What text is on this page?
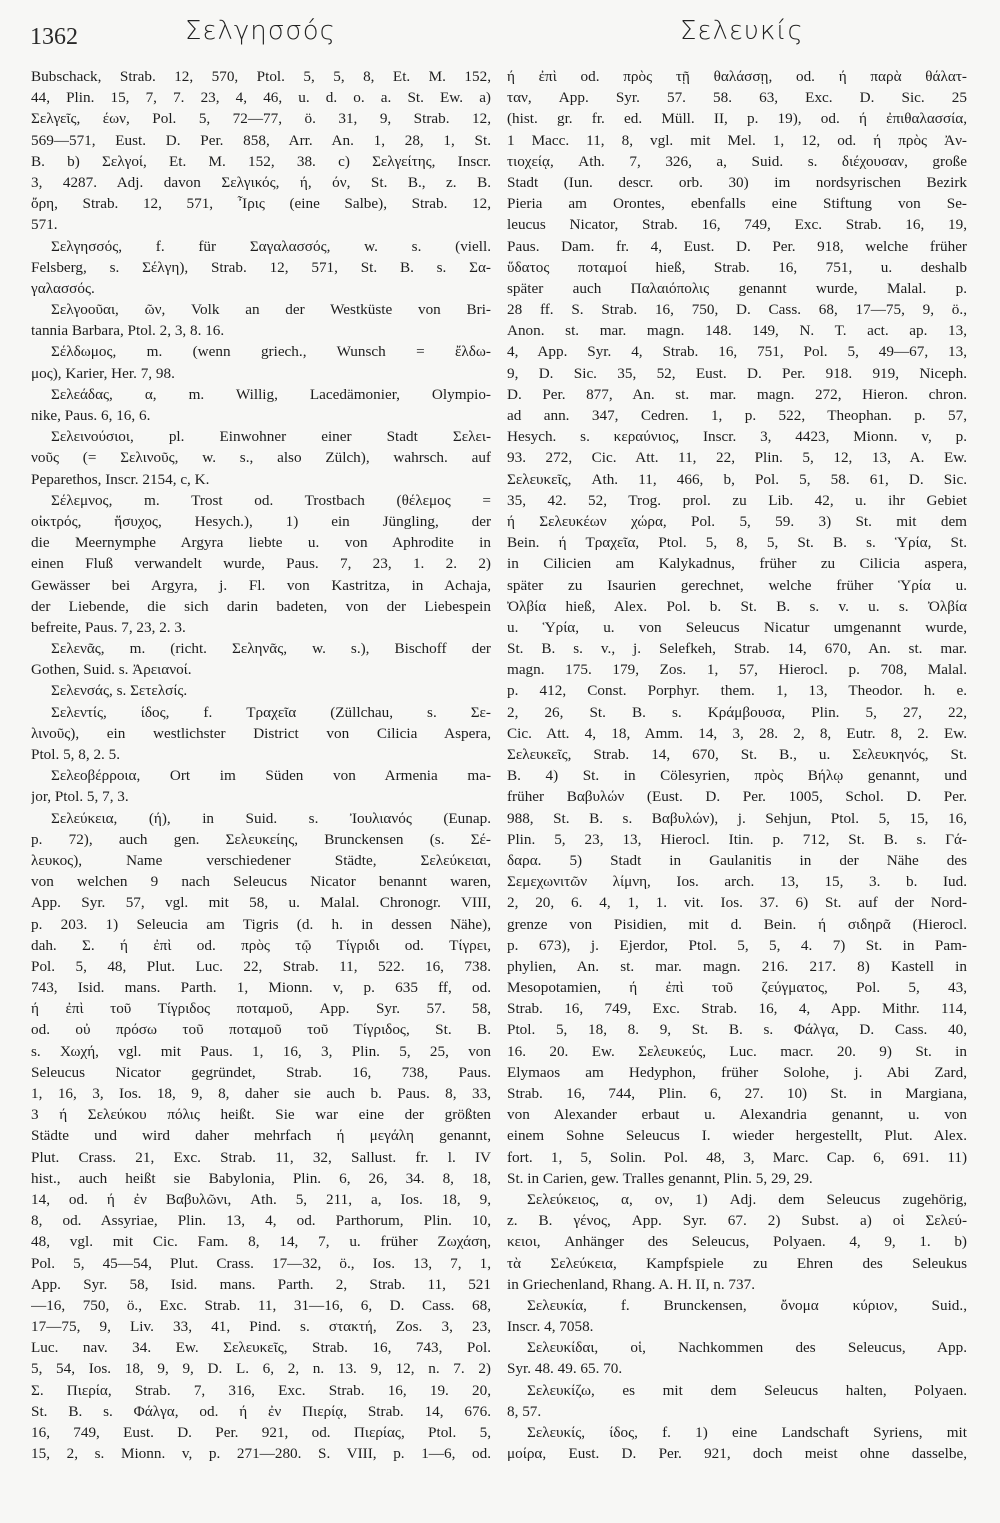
1362	Σελγησσός	Σελευκίς
Bubschack, Strab. 12, 570, Ptol. 5, 5, 8, Et. M. 152,
44, Plin. 15, 7, 7. 23, 4, 46, u. d. o. a. St. Ew. a)
Σελγεῖς, έων, Pol. 5, 72—77, ö. 31, 9, Strab. 12,
569—571, Eust. D. Per. 858, Arr. An. 1, 28, 1, St.
B. b) Σελγοί, Et. M. 152, 38. c) Σελγείτης, Inscr.
3, 4287. Adj. davon Σελγικός, ή, όν, St. B., z. B.
ὄρη, Strab. 12, 571, Ἶρις (eine Salbe), Strab. 12,
571.
Σελγησσός, f. für Σαγαλασσός, w. s. (viell.
Felsberg, s. Σέλγη), Strab. 12, 571, St. B. s. Σα-
γαλασσός.
Σελγοοῦαι, ῶν, Volk an der Westküste von Bri-
tannia Barbara, Ptol. 2, 3, 8. 16.
Σέλδωμος, m. (wenn griech., Wunsch = ἔλδω-
μος), Karier, Her. 7, 98.
Σελεάδας, α, m. Willig, Lacedämonier, Olympio-
nike, Paus. 6, 16, 6.
Σελεινούσιοι, pl. Einwohner einer Stadt Σελει-
νοῦς (= Σελινοῦς, w. s., also Zülch), wahrsch. auf
Peparethos, Inscr. 2154, c, K.
Σέλεμνος, m. Trost od. Trostbach (θέλεμος =
οἰκτρός, ἥσυχος, Hesych.), 1) ein Jüngling, der
die Meernymphe Argyra liebte u. von Aphrodite in
einen Fluß verwandelt wurde, Paus. 7, 23, 1. 2. 2)
Gewässer bei Argyra, j. Fl. von Kastritza, in Achaja,
der Liebende, die sich darin badeten, von der Liebespein
befreite, Paus. 7, 23, 2. 3.
Σελενᾶς, m. (richt. Σεληνᾶς, w. s.), Bischoff der
Gothen, Suid. s. Ἀρειανοί.
Σελενσάς, s. Σετελσίς.
Σελεντίς, ίδος, f. Τραχεῖα (Züllchau, s. Σε-
λινοῦς), ein westlichster District von Cilicia Aspera,
Ptol. 5, 8, 2. 5.
Σελεοβέρροια, Ort im Süden von Armenia ma-
jor, Ptol. 5, 7, 3.
Σελεύκεια, (ή), in Suid. s. Ἰουλιανός (Eunap.
p. 72), auch gen. Σελευκείης, Brunckensen (s. Σέ-
λευκος), Name verschiedener Städte, Σελεύκειαι,
von welchen 9 nach Seleucus Nicator benannt waren,
App. Syr. 57, vgl. mit 58, u. Malal. Chronogr. VIII,
p. 203. 1) Seleucia am Tigris (d. h. in dessen Nähe),
dah. Σ. ή ἐπὶ od. πρὸς τῷ Τίγριδι od. Τίγρει,
Pol. 5, 48, Plut. Luc. 22, Strab. 11, 522. 16, 738.
743, Isid. mans. Parth. 1, Mionn. v, p. 635 ff, od.
ή ἐπὶ τοῦ Τίγριδος ποταμοῦ, App. Syr. 57. 58,
od. οὐ πρόσω τοῦ ποταμοῦ τοῦ Τίγριδος, St. B.
s. Χωχή, vgl. mit Paus. 1, 16, 3, Plin. 5, 25, von
Seleucus Nicator gegründet, Strab. 16, 738, Paus.
1, 16, 3, Ios. 18, 9, 8, daher sie auch b. Paus. 8, 33,
3 ή Σελεύκου πόλις heißt. Sie war eine der größten
Städte und wird daher mehrfach ή μεγάλη genannt,
Plut. Crass. 21, Exc. Strab. 11, 32, Sallust. fr. l. IV
hist., auch heißt sie Babylonia, Plin. 6, 26, 34. 8, 18,
14, od. ή ἐν Βαβυλῶνι, Ath. 5, 211, a, Ios. 18, 9,
8, od. Assyriae, Plin. 13, 4, od. Parthorum, Plin. 10,
48, vgl. mit Cic. Fam. 8, 14, 7, u. früher Ζωχάση,
Pol. 5, 45—54, Plut. Crass. 17—32, ö., Ios. 13, 7, 1,
App. Syr. 58, Isid. mans. Parth. 2, Strab. 11, 521
—16, 750, ö., Exc. Strab. 11, 31—16, 6, D. Cass. 68,
17—75, 9, Liv. 33, 41, Pind. s. στακτή, Zos. 3, 23,
Luc. nav. 34. Ew. Σελευκεῖς, Strab. 16, 743, Pol.
5, 54, Ios. 18, 9, 9, D. L. 6, 2, n. 13. 9, 12, n. 7. 2)
Σ. Πιερία, Strab. 7, 316, Exc. Strab. 16, 19. 20,
St. B. s. Φάλγα, od. ή ἐν Πιερίᾳ, Strab. 14, 676.
16, 749, Eust. D. Per. 921, od. Πιερίας, Ptol. 5,
15, 2, s. Mionn. v, p. 271—280. S. VIII, p. 1—6, od.
ή ἐπὶ od. πρὸς τῇ θαλάσσῃ, od. ή παρὰ θάλατ-
ταν, App. Syr. 57. 58. 63, Exc. D. Sic. 25
(hist. gr. fr. ed. Müll. II, p. 19), od. ή ἐπιθαλασσία,
1 Macc. 11, 8, vgl. mit Mel. 1, 12, od. ή πρὸς Ἀν-
τιοχείᾳ, Ath. 7, 326, a, Suid. s. διέχουσαν, große
Stadt (Iun. descr. orb. 30) im nordsyrischen Bezirk
Pieria am Orontes, ebenfalls eine Stiftung von Se-
leucus Nicator, Strab. 16, 749, Exc. Strab. 16, 19,
Paus. Dam. fr. 4, Eust. D. Per. 918, welche früher
ὕδατος ποταμοί hieß, Strab. 16, 751, u. deshalb
später auch Παλαιόπολις genannt wurde, Malal. p.
28 ff. S. Strab. 16, 750, D. Cass. 68, 17—75, 9, ö.,
Anon. st. mar. magn. 148. 149, N. T. act. ap. 13,
4, App. Syr. 4, Strab. 16, 751, Pol. 5, 49—67, 13,
9, D. Sic. 35, 52, Eust. D. Per. 918. 919, Niceph.
D. Per. 877, An. st. mar. magn. 272, Hieron. chron.
ad ann. 347, Cedren. 1, p. 522, Theophan. p. 57,
Hesych. s. κεραύνιος, Inscr. 3, 4423, Mionn. v, p.
93. 272, Cic. Att. 11, 22, Plin. 5, 12, 13, A. Ew.
Σελευκεῖς, Ath. 11, 466, b, Pol. 5, 58. 61, D. Sic.
35, 42. 52, Trog. prol. zu Lib. 42, u. ihr Gebiet
ή Σελευκέων χώρα, Pol. 5, 59. 3) St. mit dem
Bein. ή Τραχεῖα, Ptol. 5, 8, 5, St. B. s. Ὑρία, St.
in Cilicien am Kalykadnus, früher zu Cilicia aspera,
später zu Isaurien gerechnet, welche früher Ὑρία u.
Ὀλβία hieß, Alex. Pol. b. St. B. s. v. u. s. Ὀλβία
u. Ὑρία, u. von Seleucus Nicatur umgenannt wurde,
St. B. s. v., j. Selefkeh, Strab. 14, 670, An. st. mar.
magn. 175. 179, Zos. 1, 57, Hierocl. p. 708, Malal.
p. 412, Const. Porphyr. them. 1, 13, Theodor. h. e.
2, 26, St. B. s. Κράμβουσα, Plin. 5, 27, 22,
Cic. Att. 4, 18, Amm. 14, 3, 28. 2, 8, Eutr. 8, 2. Ew.
Σελευκεῖς, Strab. 14, 670, St. B., u. Σελευκηνός, St.
B. 4) St. in Cölesyrien, πρὸς Βήλῳ genannt, und
früher Βαβυλών (Eust. D. Per. 1005, Schol. D. Per.
988, St. B. s. Βαβυλών), j. Sehjun, Ptol. 5, 15, 16,
Plin. 5, 23, 13, Hierocl. Itin. p. 712, St. B. s. Γά-
δαρα. 5) Stadt in Gaulanitis in der Nähe des
Σεμεχωνιτῶν λίμνη, Ios. arch. 13, 15, 3. b. Iud.
2, 20, 6. 4, 1, 1. vit. Ios. 37. 6) St. auf der Nord-
grenze von Pisidien, mit d. Bein. ή σιδηρᾶ (Hierocl.
p. 673), j. Ejerdor, Ptol. 5, 5, 4. 7) St. in Pam-
phylien, An. st. mar. magn. 216. 217. 8) Kastell in
Mesopotamien, ή ἐπὶ τοῦ ζεύγματος, Pol. 5, 43,
Strab. 16, 749, Exc. Strab. 16, 4, App. Mithr. 114,
Ptol. 5, 18, 8. 9, St. B. s. Φάλγα, D. Cass. 40,
16. 20. Ew. Σελευκεύς, Luc. macr. 20. 9) St. in
Elymaos am Hedyphon, früher Solohe, j. Abi Zard,
Strab. 16, 744, Plin. 6, 27. 10) St. in Margiana,
von Alexander erbaut u. Alexandria genannt, u. von
einem Sohne Seleucus I. wieder hergestellt, Plut. Alex.
fort. 1, 5, Solin. Pol. 48, 3, Marc. Cap. 6, 691. 11)
St. in Carien, gew. Tralles genannt, Plin. 5, 29, 29.
Σελεύκειος, α, ον, 1) Adj. dem Seleucus zugehörig,
z. B. γένος, App. Syr. 67. 2) Subst. a) οἱ Σελεύ-
κειοι, Anhänger des Seleucus, Polyaen. 4, 9, 1. b)
τὰ Σελεύκεια, Kampfspiele zu Ehren des Seleukus
in Griechenland, Rhang. A. H. II, n. 737.
Σελευκία, f. Brunckensen, ὄνομα κύριον, Suid.,
Inscr. 4, 7058.
Σελευκίδαι, οἱ, Nachkommen des Seleucus, App.
Syr. 48. 49. 65. 70.
Σελευκίζω, es mit dem Seleucus halten, Polyaen.
8, 57.
Σελευκίς, ίδος, f. 1) eine Landschaft Syriens, mit
μοίρα, Eust. D. Per. 921, doch meist ohne dasselbe,
